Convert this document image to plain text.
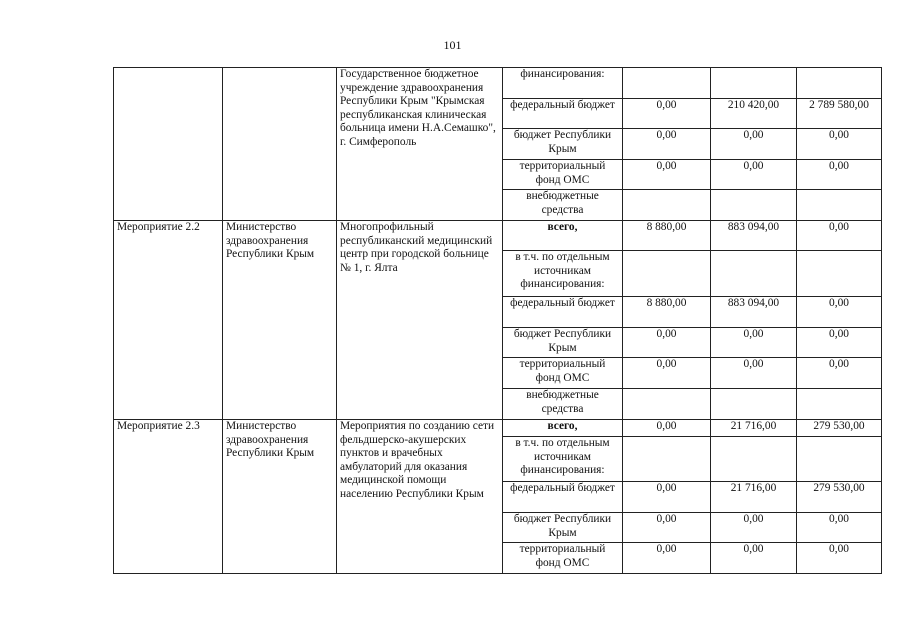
101
		Государственное бюджетное учреждение здравоохранения Республики Крым "Крымская республиканская клиническая больница имени Н.А.Семашко", г. Симферополь	финансирования:			
			федеральный бюджет	0,00	210 420,00	2 789 580,00
			бюджет Республики Крым	0,00	0,00	0,00
			территориальный фонд ОМС	0,00	0,00	0,00
			внебюджетные средства			
Мероприятие 2.2	Министерство здравоохранения Республики Крым	Многопрофильный республиканский медицинский центр при городской больнице № 1, г. Ялта	всего,	8 880,00	883 094,00	0,00
			в т.ч. по отдельным источникам финансирования:			
			федеральный бюджет	8 880,00	883 094,00	0,00
			бюджет Республики Крым	0,00	0,00	0,00
			территориальный фонд ОМС	0,00	0,00	0,00
			внебюджетные средства			
Мероприятие 2.3	Министерство здравоохранения Республики Крым	Мероприятия по созданию сети фельдшерско-акушерских пунктов и врачебных амбулаторий для оказания медицинской помощи населению Республики Крым	всего,	0,00	21 716,00	279 530,00
			в т.ч. по отдельным источникам финансирования:			
			федеральный бюджет	0,00	21 716,00	279 530,00
			бюджет Республики Крым	0,00	0,00	0,00
			территориальный фонд ОМС	0,00	0,00	0,00
